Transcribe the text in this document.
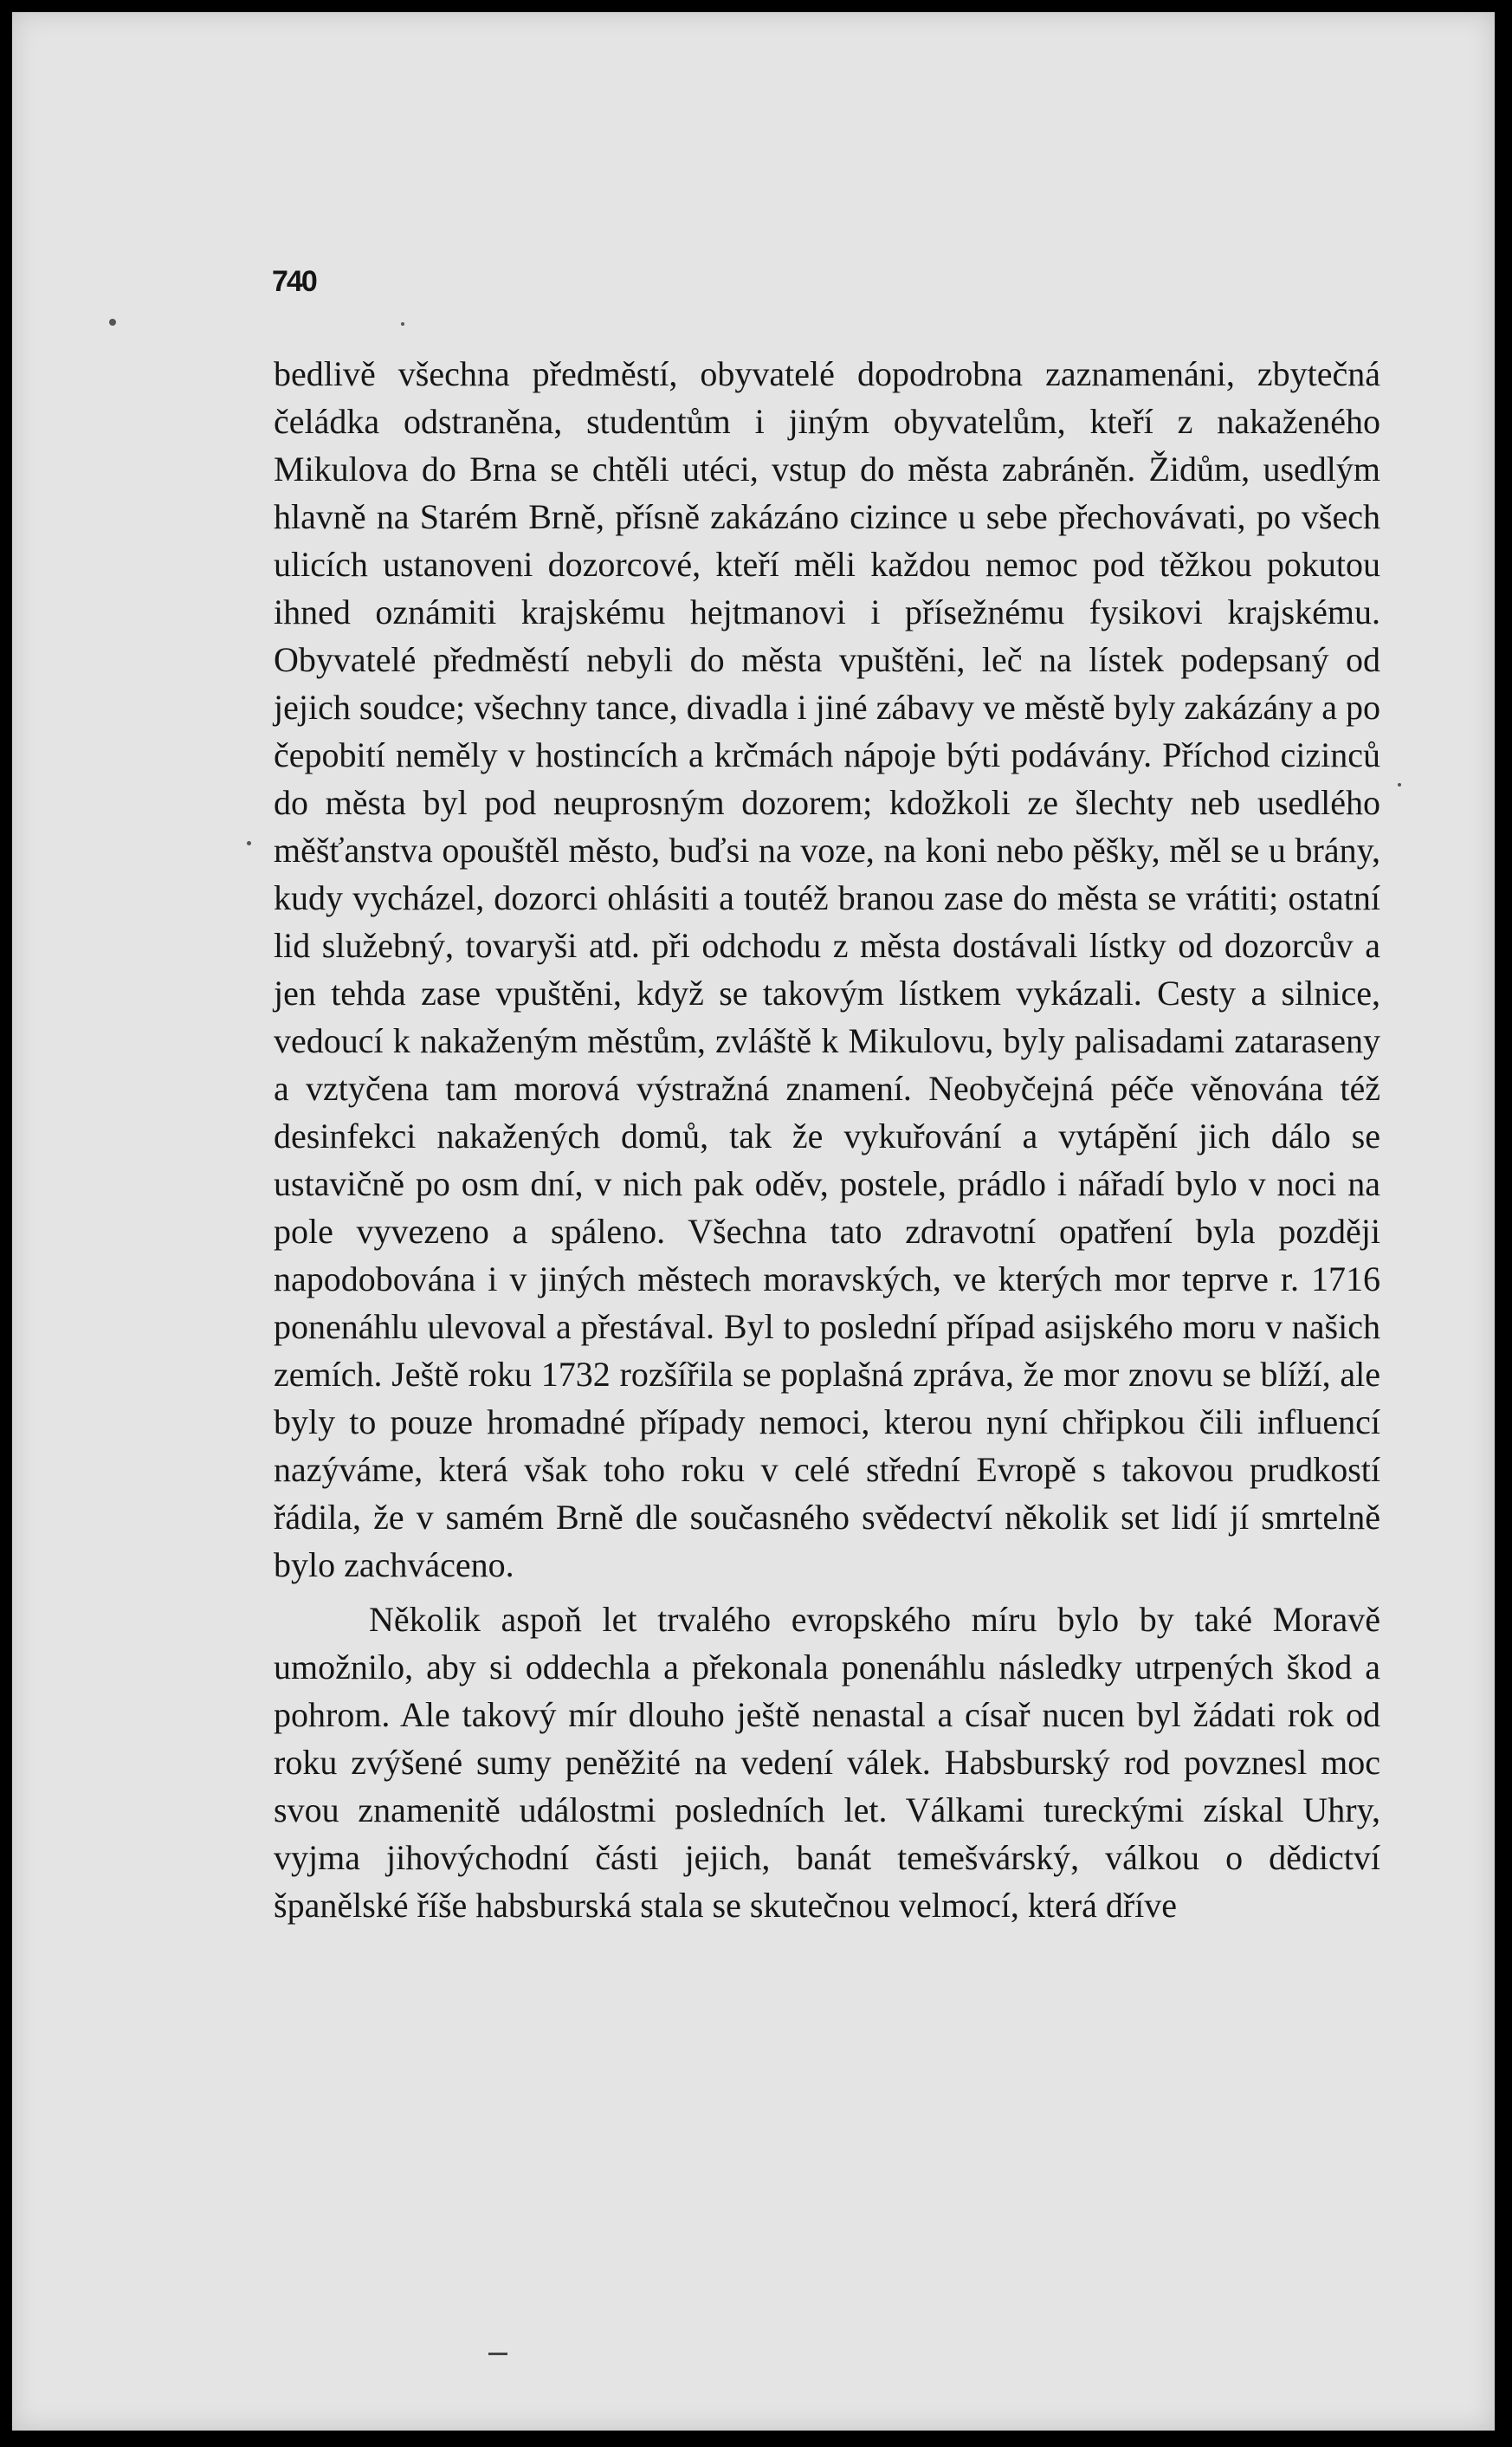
740

bedlivě všechna předměstí, obyvatelé dopodrobna zaznamenáni, zbytečná čeládka odstraněna, studentům i jiným obyvatelům, kteří z nakaženého Mikulova do Brna se chtěli utéci, vstup do města zabráněn. Židům, usedlým hlavně na Starém Brně, přísně zakázáno cizince u sebe přechovávati, po všech ulicích ustanoveni dozorcové, kteří měli každou nemoc pod těžkou pokutou ihned oznámiti krajskému hejtmanovi i přísežnému fysikovi krajskému. Obyvatelé předměstí nebyli do města vpuštěni, leč na lístek podepsaný od jejich soudce; všechny tance, divadla i jiné zábavy ve městě byly zakázány a po čepobití neměly v hostincích a krčmách nápoje býti podávány. Příchod cizinců do města byl pod neuprosným dozorem; kdožkoli ze šlechty neb usedlého měšťanstva opouštěl město, buďsi na voze, na koni nebo pěšky, měl se u brány, kudy vycházel, dozorci ohlásiti a toutéž branou zase do města se vrátiti; ostatní lid služebný, tovaryši atd. při odchodu z města dostávali lístky od dozorcův a jen tehda zase vpuštěni, když se takovým lístkem vykázali. Cesty a silnice, vedoucí k nakaženým městům, zvláště k Mikulovu, byly palisadami zataraseny a vztyčena tam morová výstražná znamení. Neobyčejná péče věnována též desinfekci nakažených domů, tak že vykuřování a vytápění jich dálo se ustavičně po osm dní, v nich pak oděv, postele, prádlo i nářadí bylo v noci na pole vyvezeno a spáleno. Všechna tato zdravotní opatření byla později napodobována i v jiných městech moravských, ve kterých mor teprve r. 1716 ponenáhlu ulevoval a přestával. Byl to poslední případ asijského moru v našich zemích. Ještě roku 1732 rozšířila se poplašná zpráva, že mor znovu se blíží, ale byly to pouze hromadné případy nemoci, kterou nyní chřipkou čili influencí nazýváme, která však toho roku v celé střední Evropě s takovou prudkostí řádila, že v samém Brně dle současného svědectví několik set lidí jí smrtelně bylo zachváceno.

Několik aspoň let trvalého evropského míru bylo by také Moravě umožnilo, aby si oddechla a překonala ponenáhlu následky utrpených škod a pohrom. Ale takový mír dlouho ještě nenastal a císař nucen byl žádati rok od roku zvýšené sumy peněžité na vedení válek. Habsburský rod povznesl moc svou znamenitě událostmi posledních let. Válkami tureckými získal Uhry, vyjma jihovýchodní části jejich, banát temešvárský, válkou o dědictví španělské říše habsburská stala se skutečnou velmocí, která dříve
